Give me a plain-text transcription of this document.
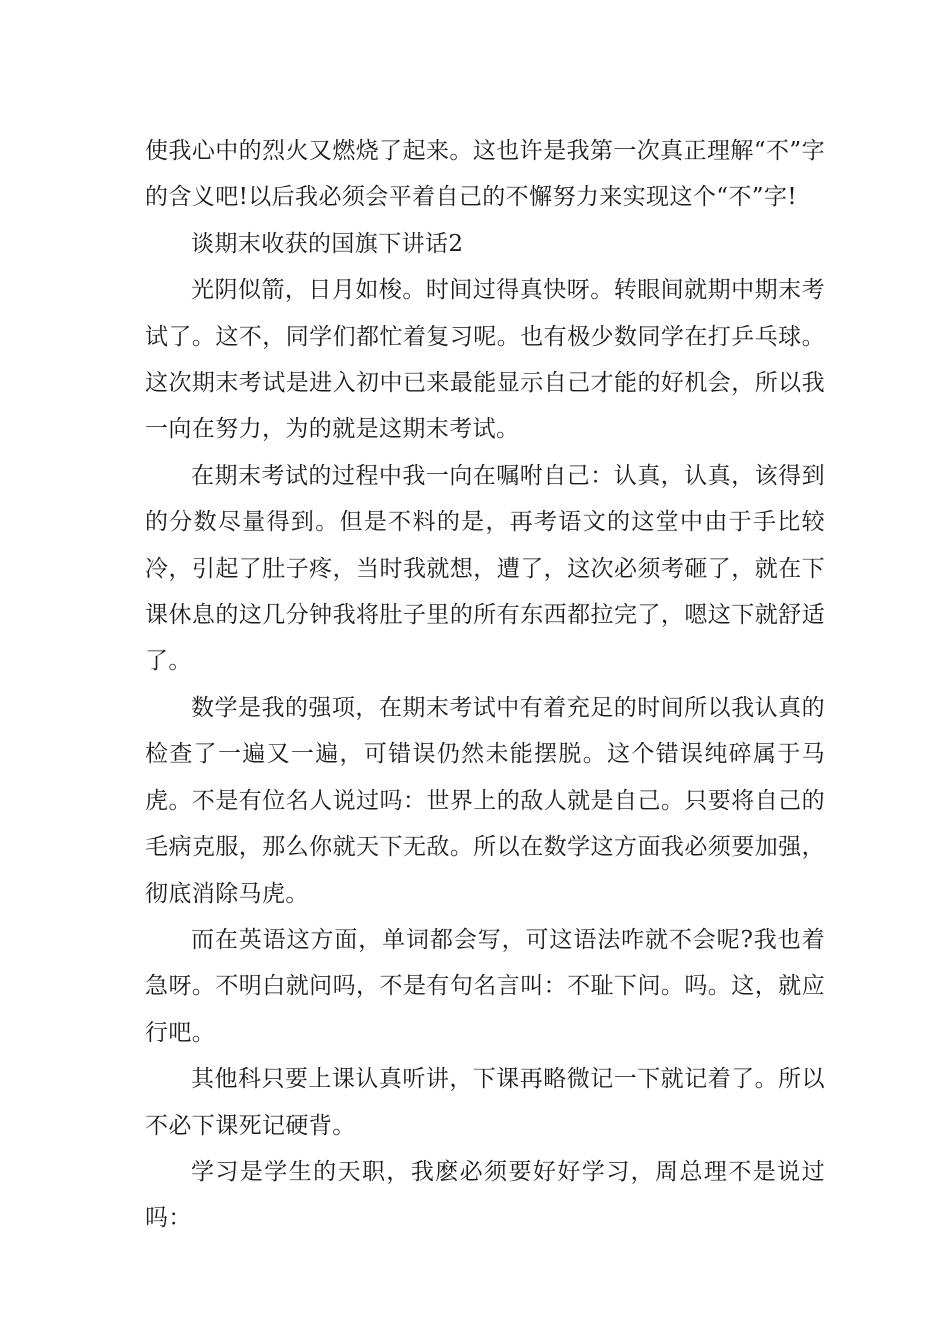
使我心中的烈火又燃烧了起来。这也许是我第一次真正理解“不”字的含义吧!以后我必须会平着自己的不懈努力来实现这个“不”字!

谈期末收获的国旗下讲话2

光阴似箭，日月如梭。时间过得真快呀。转眼间就期中期末考试了。这不，同学们都忙着复习呢。也有极少数同学在打乒乓球。这次期末考试是进入初中已来最能显示自己才能的好机会，所以我一向在努力，为的就是这期末考试。

在期末考试的过程中我一向在嘱咐自己：认真，认真，该得到的分数尽量得到。但是不料的是，再考语文的这堂中由于手比较冷，引起了肚子疼，当时我就想，遭了，这次必须考砸了，就在下课休息的这几分钟我将肚子里的所有东西都拉完了，嗯这下就舒适了。

数学是我的强项，在期末考试中有着充足的时间所以我认真的检查了一遍又一遍，可错误仍然未能摆脱。这个错误纯碎属于马虎。不是有位名人说过吗：世界上的敌人就是自己。只要将自己的毛病克服，那么你就天下无敌。所以在数学这方面我必须要加强，彻底消除马虎。

而在英语这方面，单词都会写，可这语法咋就不会呢?我也着急呀。不明白就问吗，不是有句名言叫：不耻下问。吗。这，就应行吧。

其他科只要上课认真听讲，下课再略微记一下就记着了。所以不必下课死记硬背。

学习是学生的天职，我麽必须要好好学习，周总理不是说过吗：
